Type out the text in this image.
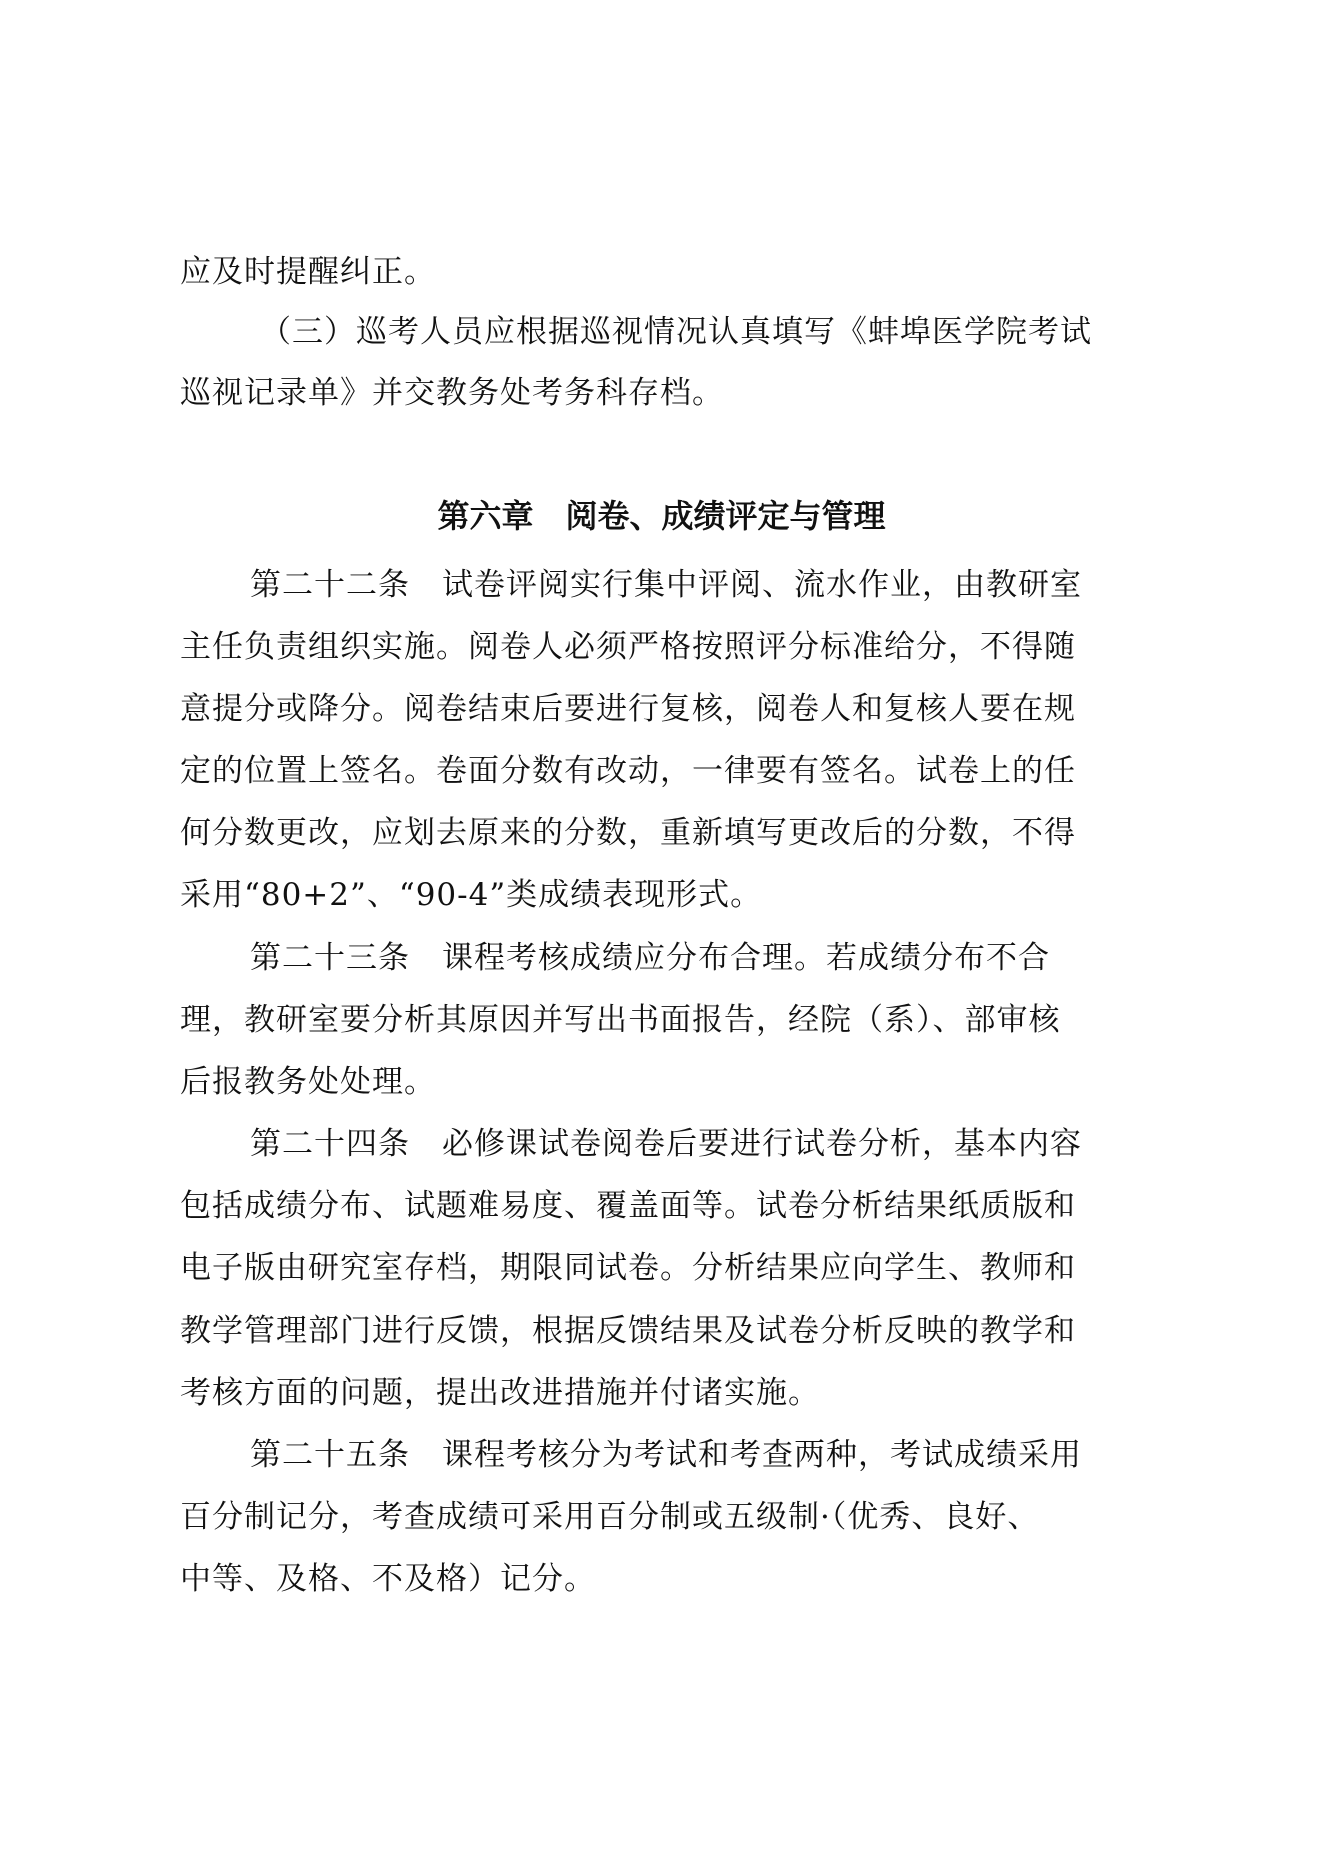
应及时提醒纠正。
（三）巡考人员应根据巡视情况认真填写《蚌埠医学院考试
巡视记录单》并交教务处考务科存档。
第六章　阅卷、成绩评定与管理
第二十二条　试卷评阅实行集中评阅、流水作业，由教研室
主任负责组织实施。阅卷人必须严格按照评分标准给分，不得随
意提分或降分。阅卷结束后要进行复核，阅卷人和复核人要在规
定的位置上签名。卷面分数有改动，一律要有签名。试卷上的任
何分数更改，应划去原来的分数，重新填写更改后的分数，不得
采用“80+2”、“90-4”类成绩表现形式。
第二十三条　课程考核成绩应分布合理。若成绩分布不合
理，教研室要分析其原因并写出书面报告，经院（系）、部审核
后报教务处处理。
第二十四条　必修课试卷阅卷后要进行试卷分析，基本内容
包括成绩分布、试题难易度、覆盖面等。试卷分析结果纸质版和
电子版由研究室存档，期限同试卷。分析结果应向学生、教师和
教学管理部门进行反馈，根据反馈结果及试卷分析反映的教学和
考核方面的问题，提出改进措施并付诸实施。
第二十五条　课程考核分为考试和考查两种，考试成绩采用
百分制记分，考查成绩可采用百分制或五级制·（优秀、良好、
中等、及格、不及格）记分。
